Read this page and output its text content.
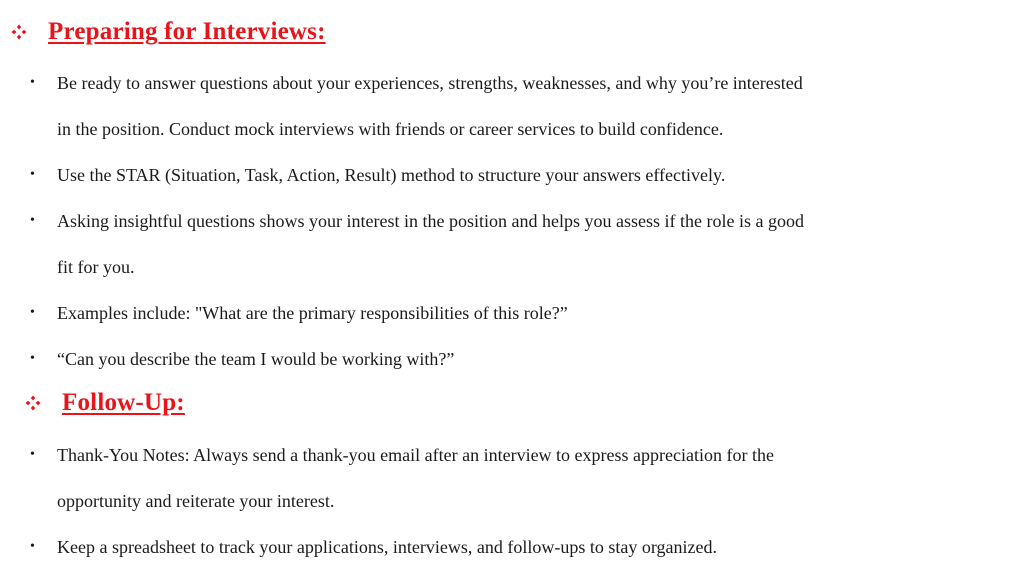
Preparing for Interviews:
• Be ready to answer questions about your experiences, strengths, weaknesses, and why you’re interested
in the position. Conduct mock interviews with friends or career services to build confidence.
• Use the STAR (Situation, Task, Action, Result) method to structure your answers effectively.
• Asking insightful questions shows your interest in the position and helps you assess if the role is a good
fit for you.
• Examples include: "What are the primary responsibilities of this role?”
• “Can you describe the team I would be working with?”
Follow-Up:
• Thank-You Notes: Always send a thank-you email after an interview to express appreciation for the
opportunity and reiterate your interest.
• Keep a spreadsheet to track your applications, interviews, and follow-ups to stay organized.
